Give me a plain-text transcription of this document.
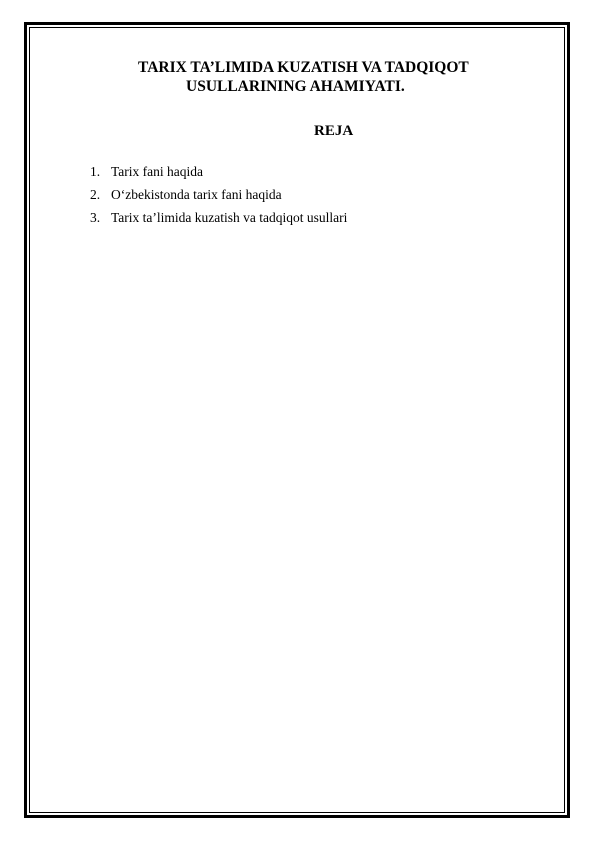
TARIX TA’LIMIDA KUZATISH VA TADQIQOT
USULLARINING AHAMIYATI.
REJA
1. Tarix fani haqida
2. O‘zbekistonda tarix fani haqida
3. Tarix ta’limida kuzatish va tadqiqot usullari
